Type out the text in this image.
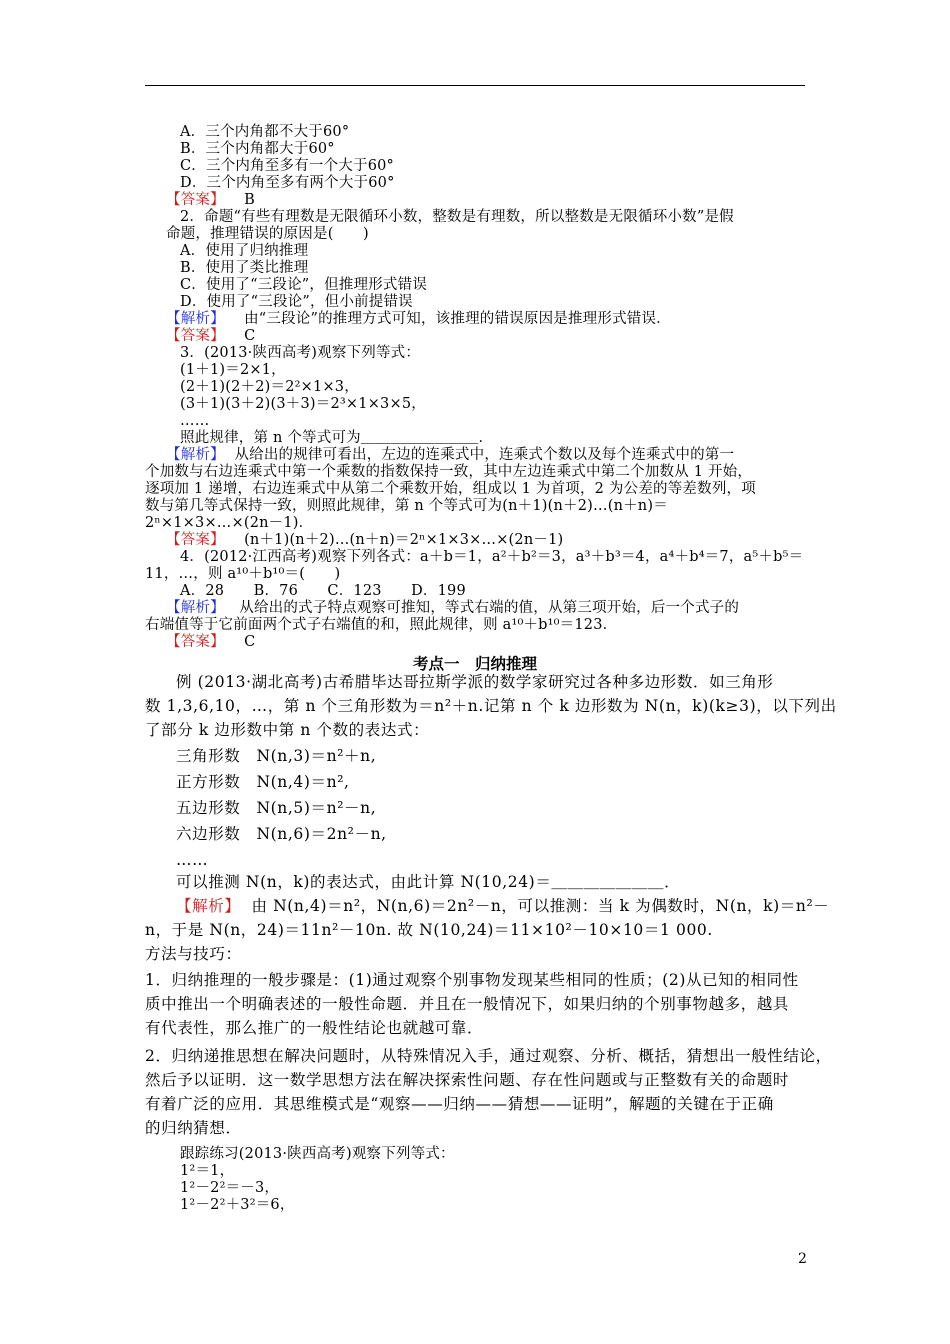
A．三个内角都不大于60°
B．三个内角都大于60°
C．三个内角至多有一个大于60°
D．三个内角至多有两个大于60°
【答案】 B
2．命题“有些有理数是无限循环小数，整数是有理数，所以整数是无限循环小数”是假
命题，推理错误的原因是(　　)
A．使用了归纳推理
B．使用了类比推理
C．使用了“三段论”，但推理形式错误
D．使用了“三段论”，但小前提错误
【解析】 由“三段论”的推理方式可知，该推理的错误原因是推理形式错误．
【答案】 C
3．(2013·陕西高考)观察下列等式：
(1＋1)＝2×1，
(2＋1)(2＋2)＝2²×1×3，
(3＋1)(3＋2)(3＋3)＝2³×1×3×5，
……
照此规律，第 n 个等式可为＿＿＿＿＿＿＿＿．
【解析】 从给出的规律可看出，左边的连乘式中，连乘式个数以及每个连乘式中的第一
个加数与右边连乘式中第一个乘数的指数保持一致，其中左边连乘式中第二个加数从 1 开始，
逐项加 1 递增，右边连乘式中从第二个乘数开始，组成以 1 为首项，2 为公差的等差数列，项
数与第几等式保持一致，则照此规律，第 n 个等式可为(n＋1)(n＋2)…(n＋n)＝
2ⁿ×1×3×…×(2n－1)．
【答案】 (n＋1)(n＋2)…(n＋n)＝2ⁿ×1×3×…×(2n－1)
4．(2012·江西高考)观察下列各式：a＋b＝1，a²＋b²＝3，a³＋b³＝4，a⁴＋b⁴＝7，a⁵＋b⁵＝
11，…，则 a¹⁰＋b¹⁰＝(　　)
A．28　　B．76　　C．123　　D．199
【解析】 从给出的式子特点观察可推知，等式右端的值，从第三项开始，后一个式子的
右端值等于它前面两个式子右端值的和，照此规律，则 a¹⁰＋b¹⁰＝123．
【答案】 C
考点一　归纳推理
例 (2013·湖北高考)古希腊毕达哥拉斯学派的数学家研究过各种多边形数．如三角形
数 1,3,6,10，…，第 n 个三角形数为＝n²＋n.记第 n 个 k 边形数为 N(n，k)(k≥3)，以下列出
了部分 k 边形数中第 n 个数的表达式：
三角形数　N(n,3)＝n²＋n,
正方形数　N(n,4)＝n²,
五边形数　N(n,5)＝n²－n,
六边形数　N(n,6)＝2n²－n,
……
可以推测 N(n，k)的表达式，由此计算 N(10,24)＝＿＿＿＿＿＿＿．
【解析】 由 N(n,4)＝n²，N(n,6)＝2n²－n，可以推测：当 k 为偶数时，N(n，k)＝n²－
n，于是 N(n，24)＝11n²－10n. 故 N(10,24)＝11×10²－10×10＝1 000.
方法与技巧：
1．归纳推理的一般步骤是：(1)通过观察个别事物发现某些相同的性质；(2)从已知的相同性
质中推出一个明确表述的一般性命题．并且在一般情况下，如果归纳的个别事物越多，越具
有代表性，那么推广的一般性结论也就越可靠．
2．归纳递推思想在解决问题时，从特殊情况入手，通过观察、分析、概括，猜想出一般性结论，
然后予以证明．这一数学思想方法在解决探索性问题、存在性问题或与正整数有关的命题时
有着广泛的应用．其思维模式是“观察——归纳——猜想——证明”，解题的关键在于正确
的归纳猜想．
跟踪练习(2013·陕西高考)观察下列等式：
1²＝1，
1²－2²＝－3，
1²－2²＋3²＝6，
2
